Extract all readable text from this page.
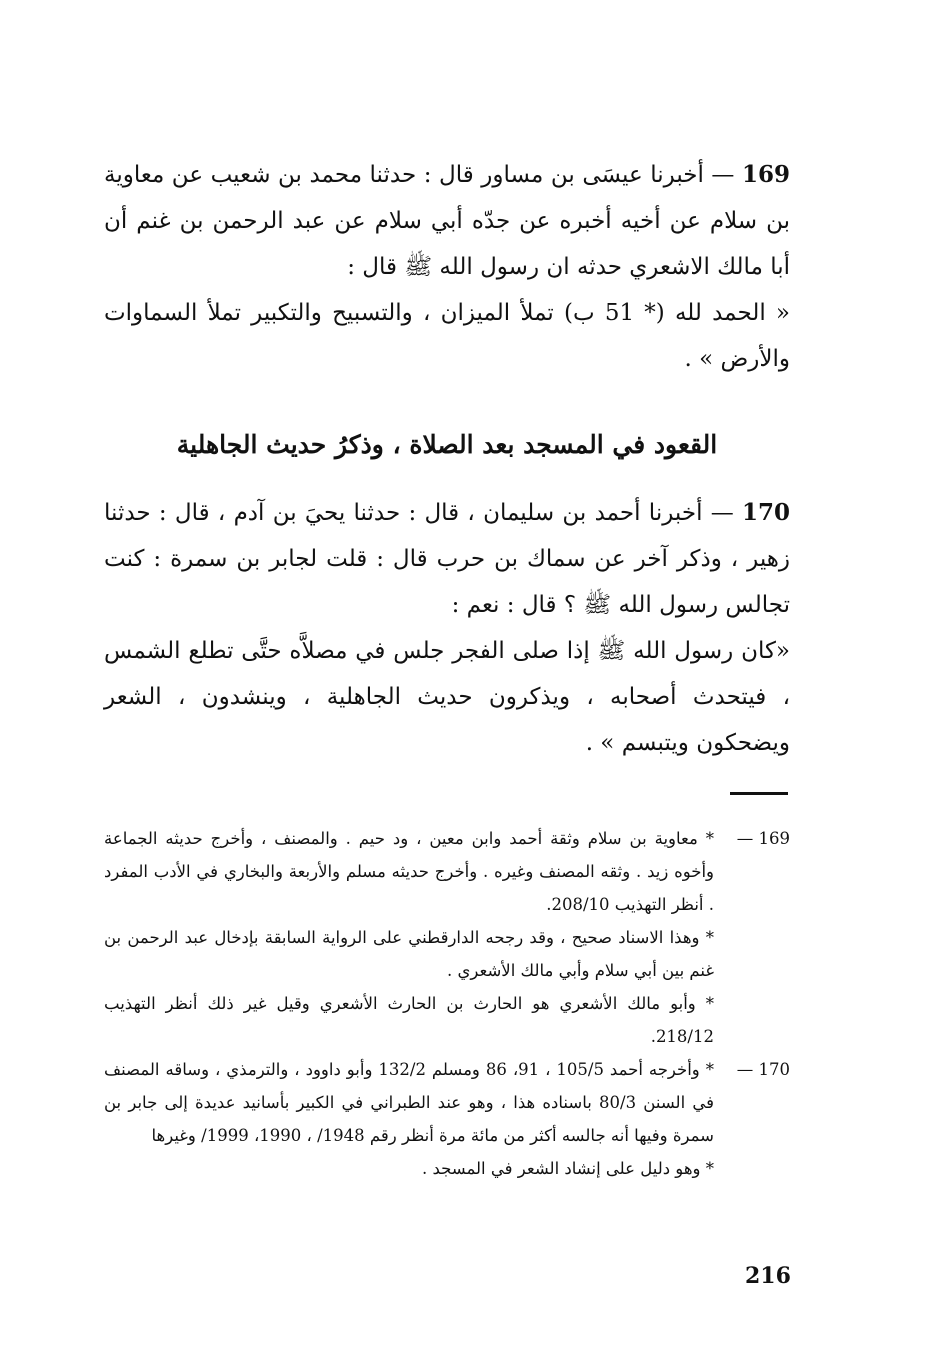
169 — أخبرنا عيسَى بن مساور قال : حدثنا محمد بن شعيب عن معاوية بن سلام عن أخيه أخبره عن جدّه أبي سلام عن عبد الرحمن بن غنم أن أبا مالك الاشعري حدثه ان رسول الله ﷺ قال :

« الحمد لله (* 51 ب) تملأ الميزان ، والتسبيح والتكبير تملأ السماوات والأرض » .

القعود في المسجد بعد الصلاة ، وذكرُ حديث الجاهلية

170 — أخبرنا أحمد بن سليمان ، قال : حدثنا يحيَ بن آدم ، قال : حدثنا زهير ، وذكر آخر عن سماك بن حرب قال : قلت لجابر بن سمرة : كنت تجالس رسول الله ﷺ ؟ قال : نعم :

«كان رسول الله ﷺ إذا صلى الفجر جلس في مصلاَّه حتَّى تطلع الشمس ، فيتحدث أصحابه ، ويذكرون حديث الجاهلية ، وينشدون ، الشعر ويضحكون ويتبسم » .

169 —
* معاوية بن سلام وثقة أحمد وابن معين ، ود حيم . والمصنف ، وأخرج حديثه الجماعة وأخوه زيد . وثقه المصنف وغيره . وأخرج حديثه مسلم والأربعة والبخاري في الأدب المفرد . أنظر التهذيب 208/10.
* وهذا الاسناد صحيح ، وقد رجحه الدارقطني على الرواية السابقة بإدخال عبد الرحمن بن غنم بين أبي سلام وأبي مالك الأشعري .
* وأبو مالك الأشعري هو الحارث بن الحارث الأشعري وقيل غير ذلك أنظر التهذيب 218/12.
170 —
* وأخرجه أحمد 105/5 ، 91، 86 ومسلم 132/2 وأبو داوود ، والترمذي ، وساقه المصنف في السنن 80/3 باسناده هذا ، وهو عند الطبراني في الكبير بأسانيد عديدة إلى جابر بن سمرة وفيها أنه جالسه أكثر من مائة مرة أنظر رقم 1948/ ، 1990، 1999/ وغيرها
* وهو دليل على إنشاد الشعر في المسجد .
216
